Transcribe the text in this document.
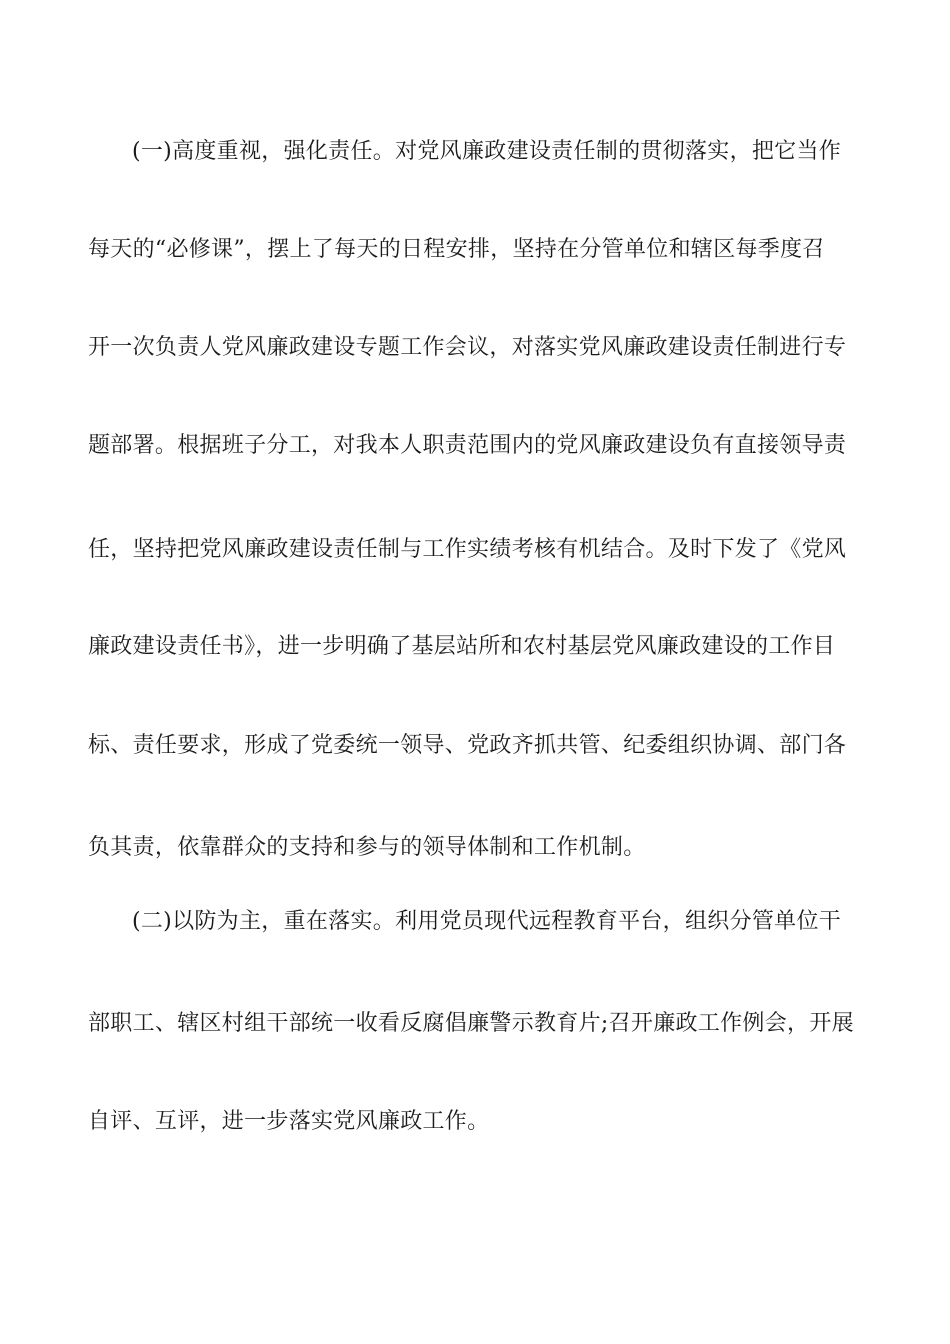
(一)高度重视，强化责任。对党风廉政建设责任制的贯彻落实，把它当作
每天的“必修课”，摆上了每天的日程安排，坚持在分管单位和辖区每季度召
开一次负责人党风廉政建设专题工作会议，对落实党风廉政建设责任制进行专
题部署。根据班子分工，对我本人职责范围内的党风廉政建设负有直接领导责
任，坚持把党风廉政建设责任制与工作实绩考核有机结合。及时下发了《党风
廉政建设责任书》，进一步明确了基层站所和农村基层党风廉政建设的工作目
标、责任要求，形成了党委统一领导、党政齐抓共管、纪委组织协调、部门各
负其责，依靠群众的支持和参与的领导体制和工作机制。
(二)以防为主，重在落实。利用党员现代远程教育平台，组织分管单位干
部职工、辖区村组干部统一收看反腐倡廉警示教育片;召开廉政工作例会，开展
自评、互评，进一步落实党风廉政工作。
